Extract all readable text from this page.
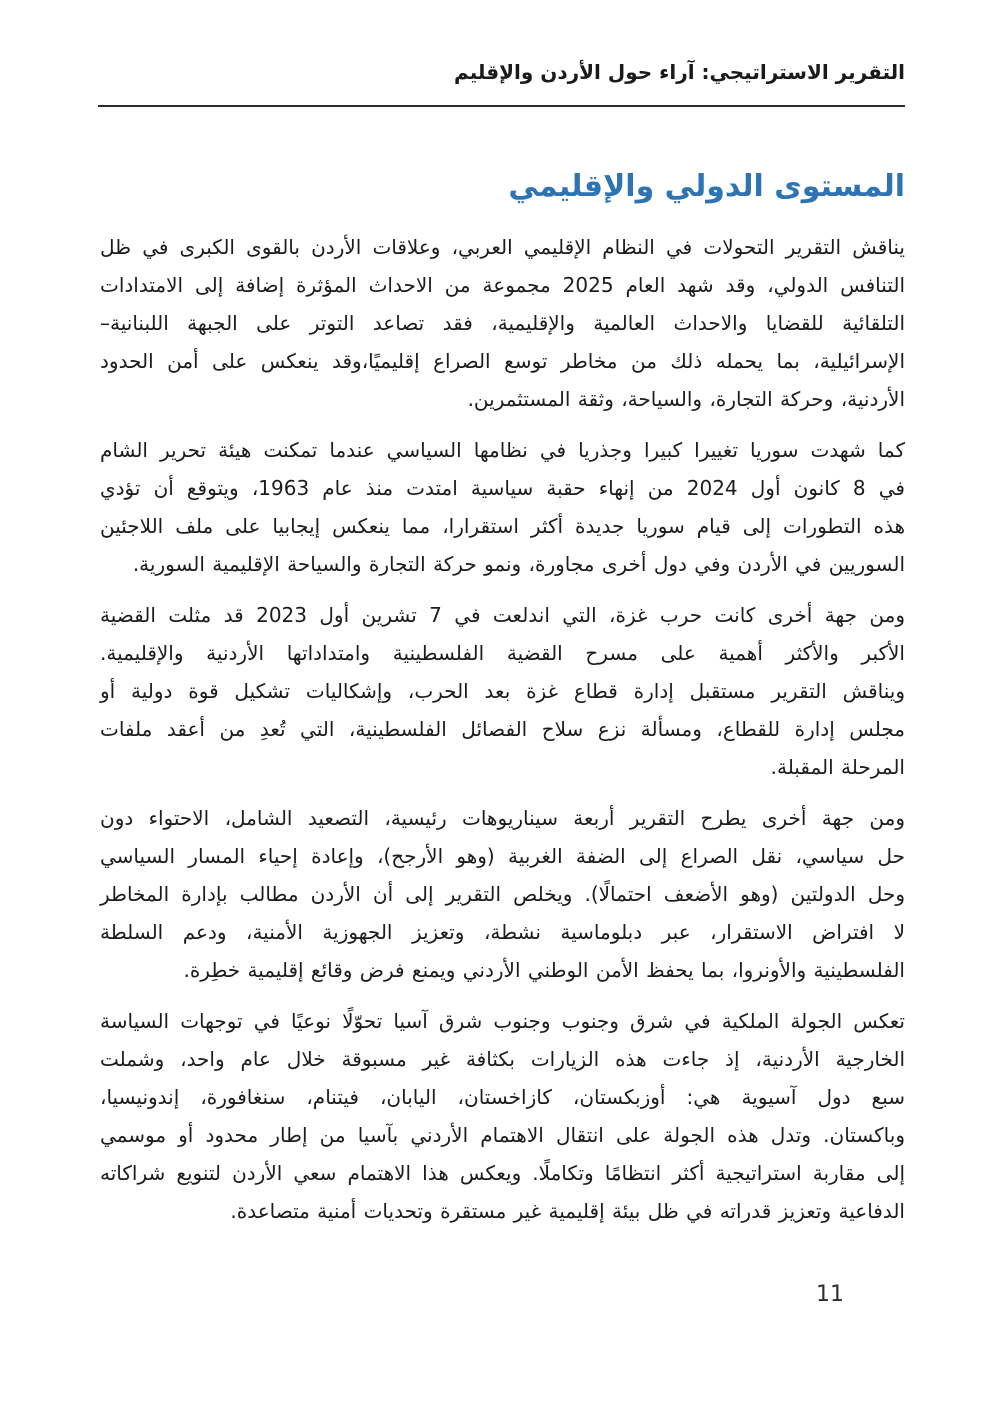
التقرير الاستراتيجي: آراء حول الأردن والإقليم
المستوى الدولي والإقليمي
يناقش التقرير التحولات في النظام الإقليمي العربي، وعلاقات الأردن بالقوى الكبرى في ظل
التنافس الدولي، وقد شهد العام 2025 مجموعة من الاحداث المؤثرة إضافة إلى الامتدادات
التلقائية للقضايا والاحداث العالمية والإقليمية، فقد تصاعد التوتر على الجبهة اللبنانية–
الإسرائيلية، بما يحمله ذلك من مخاطر توسع الصراع إقليميًا،وقد ينعكس على أمن الحدود
الأردنية، وحركة التجارة، والسياحة، وثقة المستثمرين.
كما شهدت سوريا تغييرا كبيرا وجذريا في نظامها السياسي عندما تمكنت هيئة تحرير الشام
في 8 كانون أول 2024 من إنهاء حقبة سياسية امتدت منذ عام 1963، ويتوقع أن تؤدي
هذه التطورات إلى قيام سوريا جديدة أكثر استقرارا، مما ينعكس إيجابيا على ملف اللاجئين
السوريين في الأردن وفي دول أخرى مجاورة، ونمو حركة التجارة والسياحة الإقليمية السورية.
ومن جهة أخرى كانت حرب غزة، التي اندلعت في 7 تشرين أول 2023 قد مثلت القضية
الأكبر والأكثر أهمية على مسرح القضية الفلسطينية وامتداداتها الأردنية والإقليمية.
ويناقش التقرير مستقبل إدارة قطاع غزة بعد الحرب، وإشكاليات تشكيل قوة دولية أو
مجلس إدارة للقطاع، ومسألة نزع سلاح الفصائل الفلسطينية، التي تُعدِ من أعقد ملفات
المرحلة المقبلة.
ومن جهة أخرى يطرح التقرير أربعة سيناريوهات رئيسية، التصعيد الشامل، الاحتواء دون
حل سياسي، نقل الصراع إلى الضفة الغربية (وهو الأرجح)، وإعادة إحياء المسار السياسي
وحل الدولتين (وهو الأضعف احتمالًا). ويخلص التقرير إلى أن الأردن مطالب بإدارة المخاطر
لا افتراض الاستقرار، عبر دبلوماسية نشطة، وتعزيز الجهوزية الأمنية، ودعم السلطة
الفلسطينية والأونروا، بما يحفظ الأمن الوطني الأردني ويمنع فرض وقائع إقليمية خطِرة.
تعكس الجولة الملكية في شرق وجنوب وجنوب شرق آسيا تحوّلًا نوعيًا في توجهات السياسة
الخارجية الأردنية، إذ جاءت هذه الزيارات بكثافة غير مسبوقة خلال عام واحد، وشملت
سبع دول آسيوية هي: أوزبكستان، كازاخستان، اليابان، فيتنام، سنغافورة، إندونيسيا،
وباكستان. وتدل هذه الجولة على انتقال الاهتمام الأردني بآسيا من إطار محدود أو موسمي
إلى مقاربة استراتيجية أكثر انتظامًا وتكاملًا. ويعكس هذا الاهتمام سعي الأردن لتنويع شراكاته
الدفاعية وتعزيز قدراته في ظل بيئة إقليمية غير مستقرة وتحديات أمنية متصاعدة.
11
